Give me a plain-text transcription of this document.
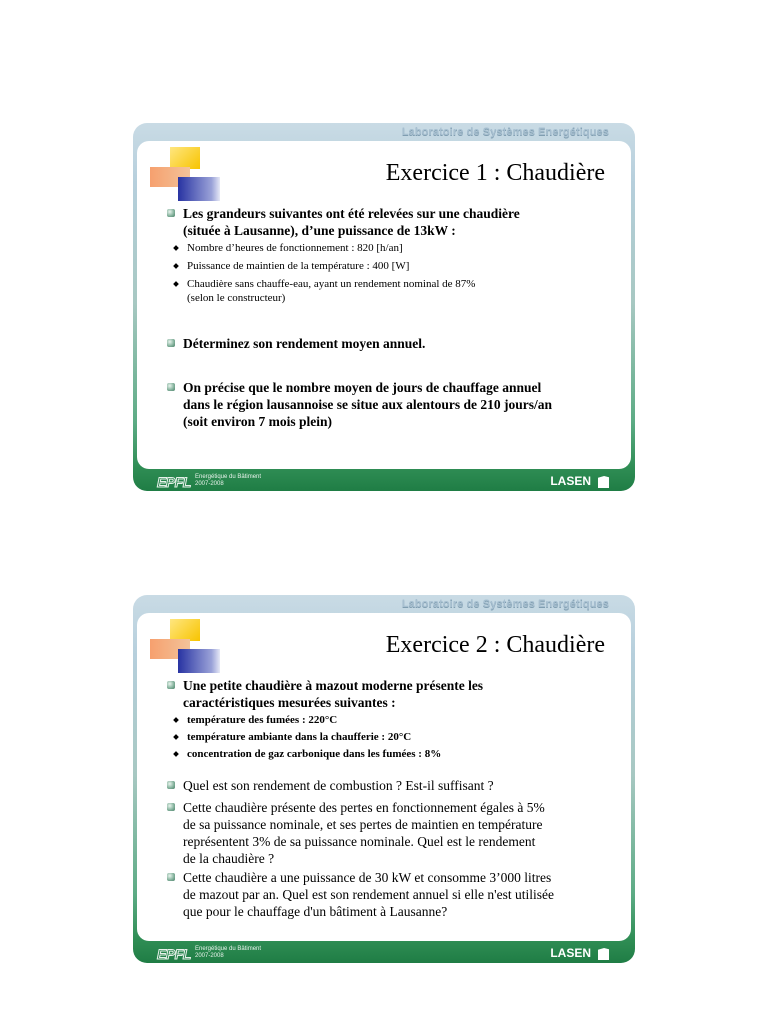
Laboratoire de Systèmes Energétiques
Exercice 1 : Chaudière
Les grandeurs suivantes ont été relevées sur une chaudière
(située à Lausanne), d’une puissance de 13kW :
Nombre d’heures de fonctionnement : 820 [h/an]
Puissance de maintien de la température : 400 [W]
Chaudière sans chauffe-eau, ayant un rendement nominal de 87%
(selon le constructeur)
Déterminez son rendement moyen annuel.
On précise que le nombre moyen de jours de chauffage annuel
dans le région lausannoise se situe aux alentours de 210 jours/an
(soit environ 7 mois plein)
EPFL Energétique du Bâtiment
2007-2008	LASEN
Laboratoire de Systèmes Energétiques
Exercice 2 : Chaudière
Une petite chaudière à mazout moderne présente les
caractéristiques mesurées suivantes :
température des fumées : 220°C
température ambiante dans la chaufferie : 20°C
concentration de gaz carbonique dans les fumées : 8%
Quel est son rendement de combustion ? Est-il suffisant ?
Cette chaudière présente des pertes en fonctionnement égales à 5%
de sa puissance nominale, et ses pertes de maintien en température
représentent 3% de sa puissance nominale. Quel est le rendement
de la chaudière ?
Cette chaudière a une puissance de 30 kW et consomme 3’000 litres
de mazout par an. Quel est son rendement annuel si elle n'est utilisée
que pour le chauffage d'un bâtiment à Lausanne?
EPFL Energétique du Bâtiment
2007-2008	LASEN
